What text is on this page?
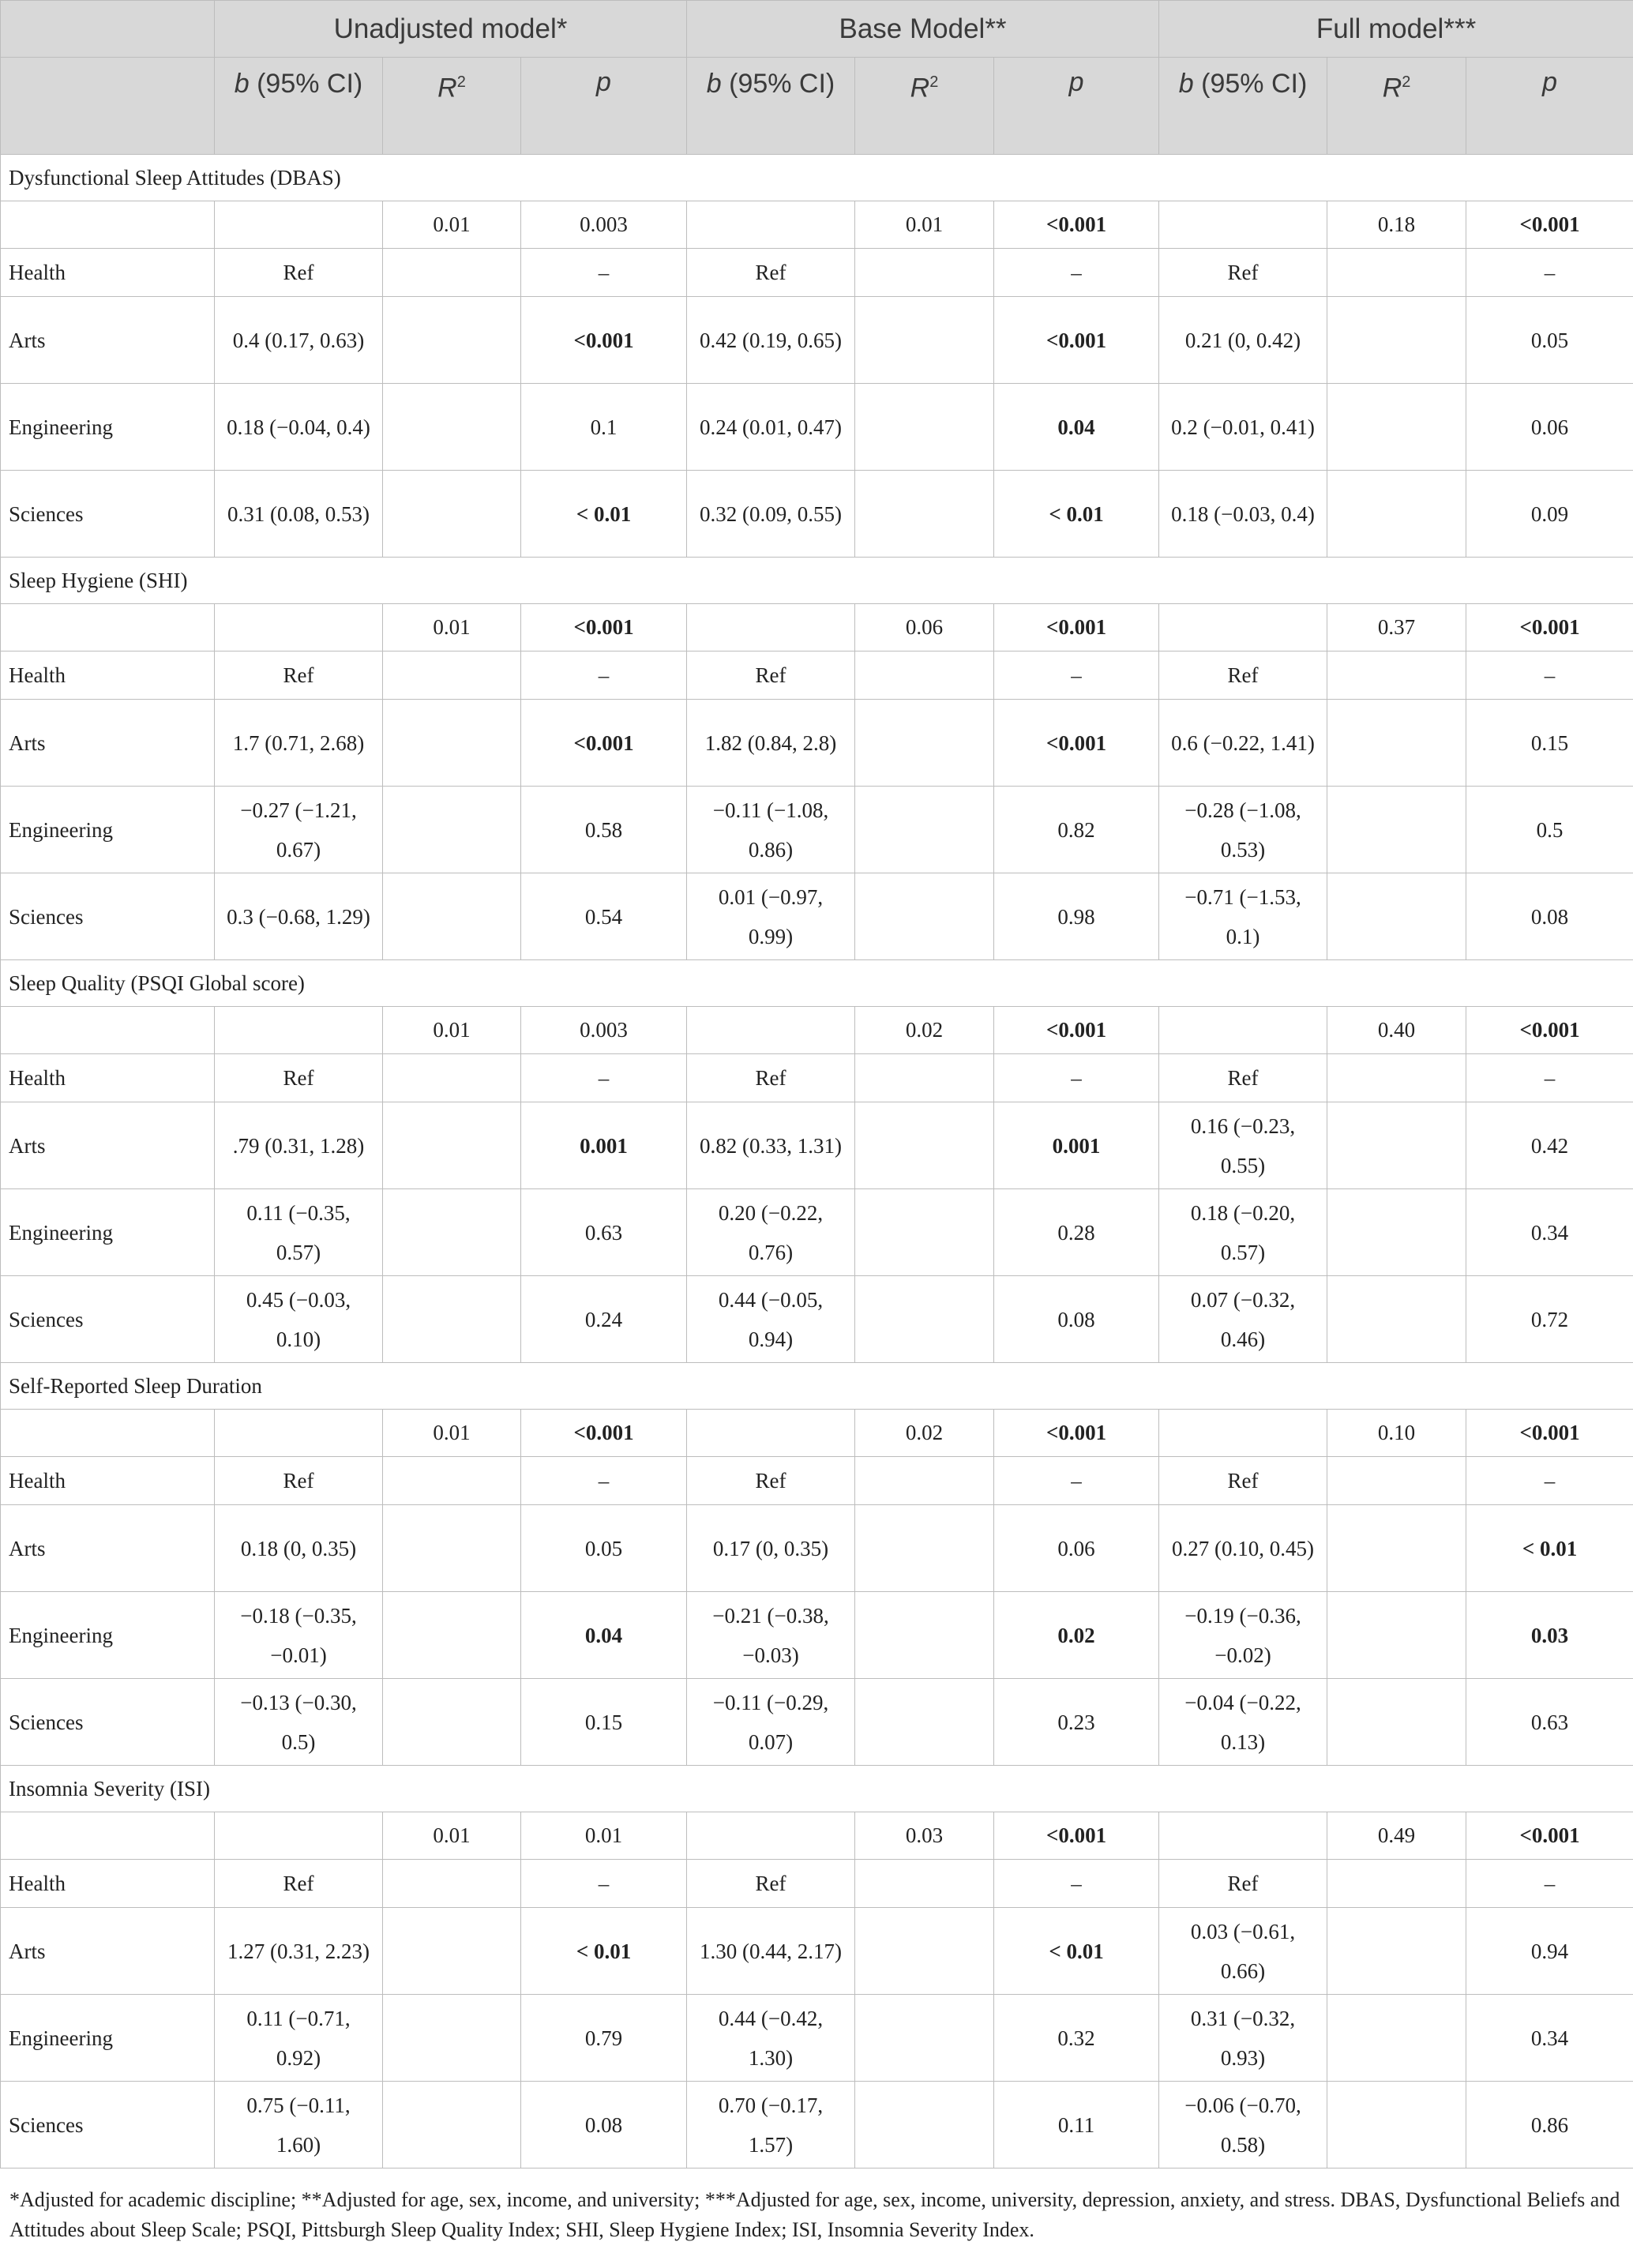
	Unadjusted model*			Base Model**			Full model***		
	b (95% CI)	$R^2$	p	b (95% CI)	$R^2$	p	b (95% CI)	$R^2$	p
Dysfunctional Sleep Attitudes (DBAS)									
		0.01	0.003		0.01	<0.001		0.18	<0.001
Health	Ref		–	Ref		–	Ref		–
Arts	0.4 (0.17, 0.63)		<0.001	0.42 (0.19, 0.65)		<0.001	0.21 (0, 0.42)		0.05
Engineering	0.18 (−0.04, 0.4)		0.1	0.24 (0.01, 0.47)		0.04	0.2 (−0.01, 0.41)		0.06
Sciences	0.31 (0.08, 0.53)		< 0.01	0.32 (0.09, 0.55)		< 0.01	0.18 (−0.03, 0.4)		0.09
Sleep Hygiene (SHI)									
		0.01	<0.001		0.06	<0.001		0.37	<0.001
Health	Ref		–	Ref		–	Ref		–
Arts	1.7 (0.71, 2.68)		<0.001	1.82 (0.84, 2.8)		<0.001	0.6 (−0.22, 1.41)		0.15
Engineering	−0.27 (−1.21, 0.67)		0.58	−0.11 (−1.08, 0.86)		0.82	−0.28 (−1.08, 0.53)		0.5
Sciences	0.3 (−0.68, 1.29)		0.54	0.01 (−0.97, 0.99)		0.98	−0.71 (−1.53, 0.1)		0.08
Sleep Quality (PSQI Global score)									
		0.01	0.003		0.02	<0.001		0.40	<0.001
Health	Ref		–	Ref		–	Ref		–
Arts	.79 (0.31, 1.28)		0.001	0.82 (0.33, 1.31)		0.001	0.16 (−0.23, 0.55)		0.42
Engineering	0.11 (−0.35, 0.57)		0.63	0.20 (−0.22, 0.76)		0.28	0.18 (−0.20, 0.57)		0.34
Sciences	0.45 (−0.03, 0.10)		0.24	0.44 (−0.05, 0.94)		0.08	0.07 (−0.32, 0.46)		0.72
Self-Reported Sleep Duration									
		0.01	<0.001		0.02	<0.001		0.10	<0.001
Health	Ref		–	Ref		–	Ref		–
Arts	0.18 (0, 0.35)		0.05	0.17 (0, 0.35)		0.06	0.27 (0.10, 0.45)		< 0.01
Engineering	−0.18 (−0.35, −0.01)		0.04	−0.21 (−0.38, −0.03)		0.02	−0.19 (−0.36, −0.02)		0.03
Sciences	−0.13 (−0.30, 0.5)		0.15	−0.11 (−0.29, 0.07)		0.23	−0.04 (−0.22, 0.13)		0.63
Insomnia Severity (ISI)									
		0.01	0.01		0.03	<0.001		0.49	<0.001
Health	Ref		–	Ref		–	Ref		–
Arts	1.27 (0.31, 2.23)		< 0.01	1.30 (0.44, 2.17)		< 0.01	0.03 (−0.61, 0.66)		0.94
Engineering	0.11 (−0.71, 0.92)		0.79	0.44 (−0.42, 1.30)		0.32	0.31 (−0.32, 0.93)		0.34
Sciences	0.75 (−0.11, 1.60)		0.08	0.70 (−0.17, 1.57)		0.11	−0.06 (−0.70, 0.58)		0.86
*Adjusted for academic discipline; **Adjusted for age, sex, income, and university; ***Adjusted for age, sex, income, university, depression, anxiety, and stress. DBAS, Dysfunctional Beliefs and Attitudes about Sleep Scale; PSQI, Pittsburgh Sleep Quality Index; SHI, Sleep Hygiene Index; ISI, Insomnia Severity Index.
